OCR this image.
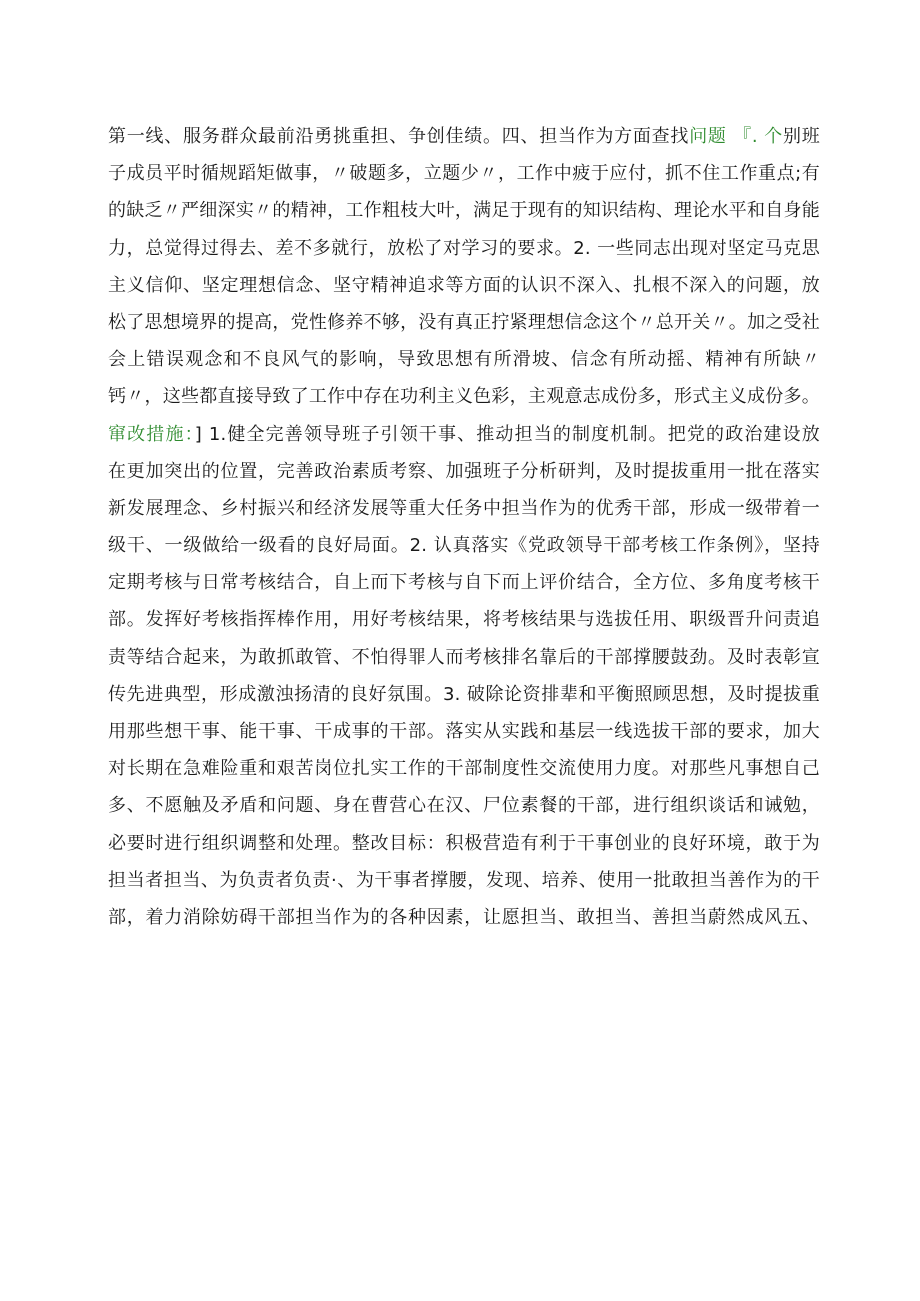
第一线、服务群众最前沿勇挑重担、争创佳绩。四、担当作为方面查找问题 『. 个别班
子成员平时循规蹈矩做事，〃破题多，立题少〃，工作中疲于应付，抓不住工作重点;有
的缺乏〃严细深实〃的精神，工作粗枝大叶，满足于现有的知识结构、理论水平和自身能
力，总觉得过得去、差不多就行，放松了对学习的要求。2. 一些同志出现对坚定马克思
主义信仰、坚定理想信念、坚守精神追求等方面的认识不深入、扎根不深入的问题，放
松了思想境界的提高，党性修养不够，没有真正拧紧理想信念这个〃总开关〃。加之受社
会上错误观念和不良风气的影响，导致思想有所滑坡、信念有所动摇、精神有所缺〃
钙〃，这些都直接导致了工作中存在功利主义色彩，主观意志成份多，形式主义成份多。
窜改措施：] 1.健全完善领导班子引领干事、推动担当的制度机制。把党的政治建设放
在更加突出的位置，完善政治素质考察、加强班子分析研判，及时提拔重用一批在落实
新发展理念、乡村振兴和经济发展等重大任务中担当作为的优秀干部，形成一级带着一
级干、一级做给一级看的良好局面。2. 认真落实《党政领导干部考核工作条例》，坚持
定期考核与日常考核结合，自上而下考核与自下而上评价结合，全方位、多角度考核干
部。发挥好考核指挥棒作用，用好考核结果，将考核结果与选拔任用、职级晋升问责追
责等结合起来，为敢抓敢管、不怕得罪人而考核排名靠后的干部撑腰鼓劲。及时表彰宣
传先进典型，形成激浊扬清的良好氛围。3. 破除论资排辈和平衡照顾思想，及时提拔重
用那些想干事、能干事、干成事的干部。落实从实践和基层一线选拔干部的要求，加大
对长期在急难险重和艰苦岗位扎实工作的干部制度性交流使用力度。对那些凡事想自己
多、不愿触及矛盾和问题、身在曹营心在汉、尸位素餐的干部，进行组织谈话和诫勉，
必要时进行组织调整和处理。整改目标：积极营造有利于干事创业的良好环境，敢于为
担当者担当、为负责者负责·、为干事者撑腰，发现、培养、使用一批敢担当善作为的干
部，着力消除妨碍干部担当作为的各种因素，让愿担当、敢担当、善担当蔚然成风五、
